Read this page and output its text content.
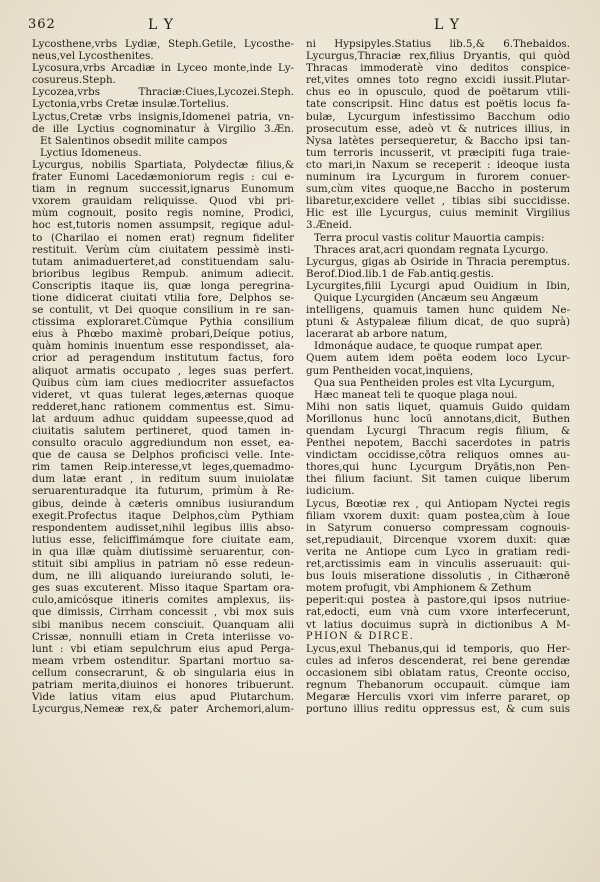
362	L Y	L Y

Lycosthene,vrbs Lydiæ, Steph.Getile, Lycosthe-

neus,vel Lycosthenites.

Lycosura,vrbs Arcadiæ in Lyceo monte,inde Ly-

cosureus.Steph.

Lycozea,vrbs Thraciæ:Ciues,Lycozei.Steph.

Lyctonia,vrbs Cretæ insulæ.Tortelius.

Lyctus,Cretæ vrbs insignis,Idomenei patria, vn-

de ille Lyctius cognominatur à Virgilio 3.Æn.

Et Salentinos obsedit milite campos

Lyctius Idomeneus.

Lycurgus, nobilis Spartiata, Polydectæ filius,&

frater Eunomi Lacedæmoniorum regis : cui e-

tiam in regnum successit,ignarus Eunomum

vxorem grauidam reliquisse. Quod vbi pri-

mùm cognouit, posito regis nomine, Prodici,

hoc est,tutoris nomen assumpsit, regique adul-

to (Charilao ei nomen erat) regnum fideliter

restituit. Verùm cùm ciuitatem pessimè insti-

tutam animaduerteret,ad constituendam salu-

brioribus legibus Rempub. animum adiecit.

Conscriptis itaque iis, quæ longa peregrina-

tione didicerat ciuitati vtilia fore, Delphos se-

se contulit, vt Dei quoque consilium in re san-

ctissima exploraret.Cùmque Pythia consilium

eius à Phœbo maximè probari,Deíque potius,

quàm hominis inuentum esse respondisset, ala-

crior ad peragendum institutum factus, foro

aliquot armatis occupato , leges suas perfert.

Quibus cùm iam ciues mediocriter assuefactos

videret, vt quas tulerat leges,æternas quoque

redderet,hanc rationem commentus est. Simu-

lat arduum adhuc quiddam supeesse,quod ad

ciuitatis salutem pertineret, quod tamen in-

consulto oraculo aggrediundum non esset, ea-

que de causa se Delphos proficisci velle. Inte-

rim tamen Reip.interesse,vt leges,quemadmo-

dum latæ erant , in reditum suum inuiolatæ

seruarenturadque ita futurum, primùm à Re-

gibus, deinde à cæteris omnibus iusiurandum

exegit.Profectus itaque Delphos,cùm Pythiam

respondentem audisset,nihil legibus illis abso-

lutius esse, feliciffimámque fore ciuitate eam,

in qua illæ quàm diutissimè seruarentur, con-

stituit sibi amplius in patriam nō esse redeun-

dum, ne illi aliquando iureiurando soluti, le-

ges suas excuterent. Misso itaque Spartam ora-

culo,amicósque itineris comites amplexus, iis-

que dimissis, Cirrham concessit , vbi mox suis

sibi manibus necem consciuit. Quanquam alii

Crissæ, nonnulli etiam in Creta interiisse vo-

lunt : vbi etiam sepulchrum eius apud Perga-

meam vrbem ostenditur. Spartani mortuo sa-

cellum consecrarunt, & ob singularia eius in

patriam merita,diuinos ei honores tribuerunt.

Vide latius vitam eius apud Plutarchum.

Lycurgus,Nemeæ rex,& pater Archemori,alum-

ni Hypsipyles.Statius lib.5,& 6.Thebaidos.

Lycurgus,Thraciæ rex,filius Dryantis, qui quòd

Thracas immoderatè vino deditos conspice-

ret,vites omnes toto regno excidi iussit.Plutar-

chus eo in opusculo, quod de poëtarum vtili-

tate conscripsit. Hinc datus est poëtis locus fa-

bulæ, Lycurgum infestissimo Bacchum odio

prosecutum esse, adeò vt & nutrices illius, in

Nysa latètes persequeretur, & Baccho ipsi tan-

tum terroris incusserit, vt præcipiti fuga traie-

cto mari,in Naxum se receperit : ideoque iusta

numinum ira Lycurgum in furorem conuer-

sum,cùm vites quoque,ne Baccho in posterum

libaretur,excidere vellet , tibias sibi succidisse.

Hic est ille Lycurgus, cuius meminit Virgilius

3.Æneid.

Terra procul vastis colitur Mauortia campis:

Thraces arat,acri quondam regnata Lycurgo.

Lycurgus, gigas ab Osiride in Thracia peremptus.

Berof.Diod.lib.1 de Fab.antiq.gestis.

Lycurgites,filii Lycurgi apud Ouidium in Ibin,

Quique Lycurgiden (Ancæum seu Angæum

intelligens, quamuis tamen hunc quidem Ne-

ptuni & Astypaleæ filium dicat, de quo suprà)

lacerarat ab arbore natum,

Idmonáque audace, te quoque rumpat aper.

Quem autem idem poëta eodem loco Lycur-

gum Pentheiden vocat,inquiens,

Qua sua Pentheiden proles est vlta Lycurgum,

Hæc maneat teli te quoque plaga noui.

Mihi non satis liquet, quamuis Guido quidam

Morillonus hunc locū annotans,dicit, Buthen

quendam Lycurgi Thracum regis filium, &

Penthei nepotem, Bacchi sacerdotes in patris

vindictam occidisse,cōtra reliquos omnes au-

thores,qui hunc Lycurgum Dryātis,non Pen-

thei filium faciunt. Sit tamen cuique liberum

iudicium.

Lycus, Bœotiæ rex , qui Antiopam Nyctei regis

filiam vxorem duxit: quam postea,cùm à Ioue

in Satyrum conuerso compressam cognouis-

set,repudiauit, Dircenque vxorem duxit: quæ

verita ne Antiope cum Lyco in gratiam redi-

ret,arctissimis eam in vinculis asseruauit: qui-

bus Iouis miseratione dissolutis , in Cithæronē

motem profugit, vbi Amphionem & Zethum

peperit:qui postea à pastore,qui ipsos nutriue-

rat,edocti, eum vnà cum vxore interfecerunt,

vt latius docuimus suprà in dictionibus A M-

PHION & DIRCE.

Lycus,exul Thebanus,qui id temporis, quo Her-

cules ad inferos descenderat, rei bene gerendæ

occasionem sibi oblatam ratus, Creonte occiso,

regnum Thebanorum occupauit. cùmque iam

Megaræ Herculis vxori vim inferre pararet, op

portuno illius reditu oppressus est, & cum suis
